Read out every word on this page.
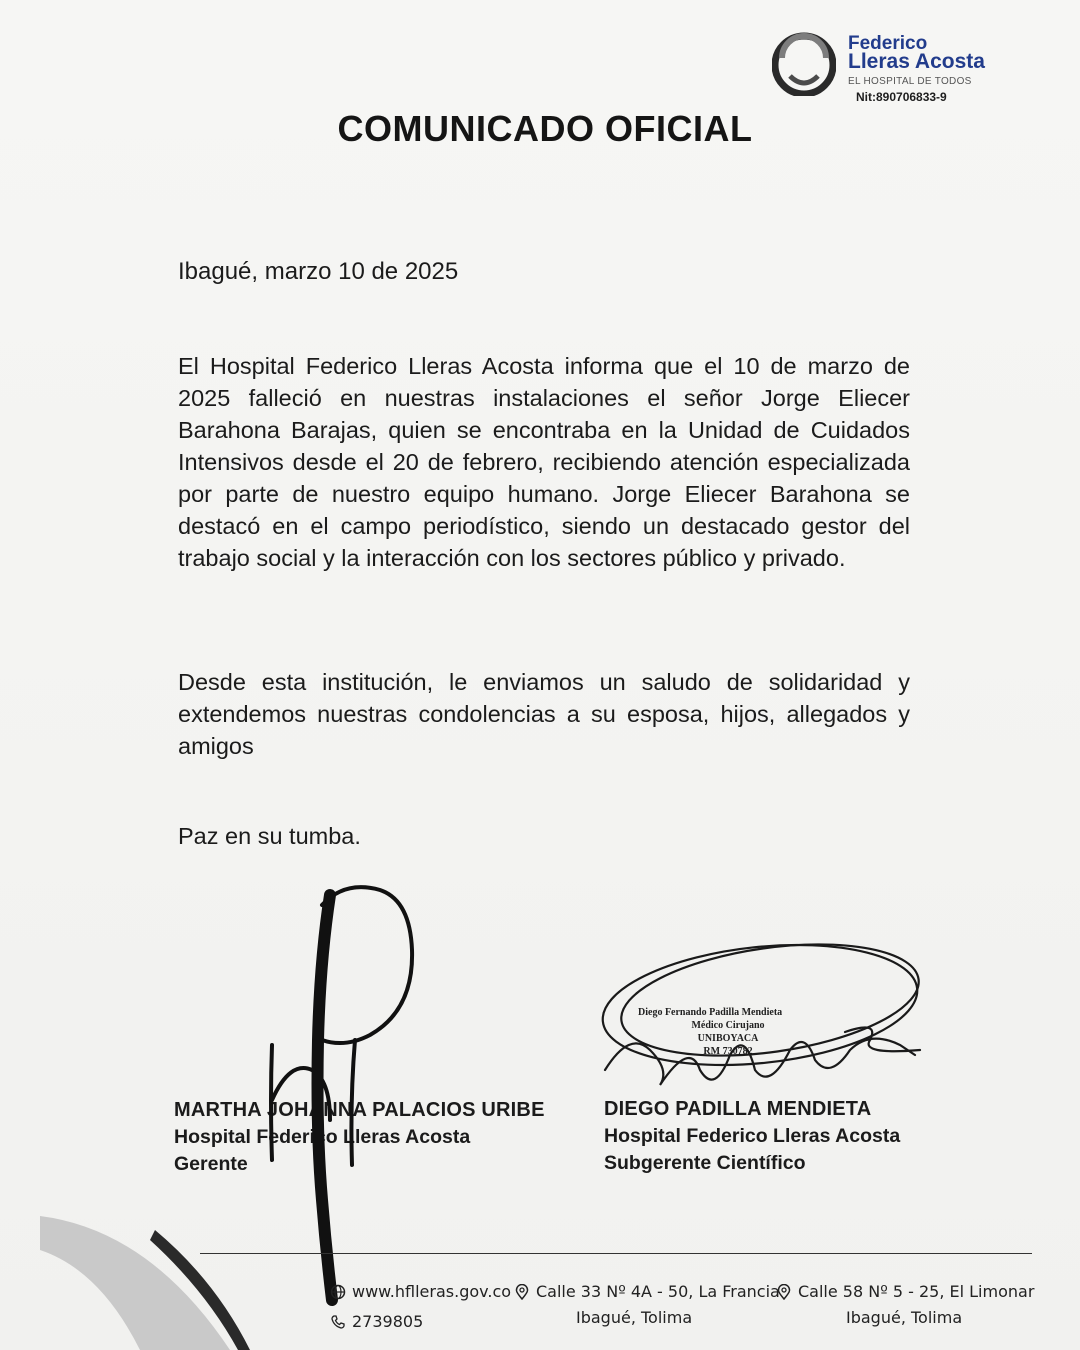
Federico
Lleras Acosta
EL HOSPITAL DE TODOS
Nit:890706833-9
COMUNICADO OFICIAL
Ibagué, marzo 10 de 2025
El Hospital Federico Lleras Acosta informa que el 10 de marzo de 2025 falleció en nuestras instalaciones el señor Jorge Eliecer Barahona Barajas, quien se encontraba en la Unidad de Cuidados Intensivos desde el 20 de febrero, recibiendo atención especializada por parte de nuestro equipo humano. Jorge Eliecer Barahona se destacó en el campo periodístico, siendo un destacado gestor del trabajo social y la interacción con los sectores público y privado.
Desde esta institución, le enviamos un saludo de solidaridad y extendemos nuestras condolencias a su esposa, hijos, allegados y amigos
Paz en su tumba.
Diego Fernando Padilla Mendieta
Médico Cirujano
UNIBOYACA
RM 730782
MARTHA JOHANNA PALACIOS URIBE
Hospital Federico Lleras Acosta
Gerente
DIEGO PADILLA MENDIETA
Hospital Federico Lleras Acosta
Subgerente Científico
www.hflleras.gov.co
2739805
Calle 33 Nº 4A - 50, La Francia
Ibagué, Tolima
Calle 58 Nº 5 - 25, El Limonar
Ibagué, Tolima
